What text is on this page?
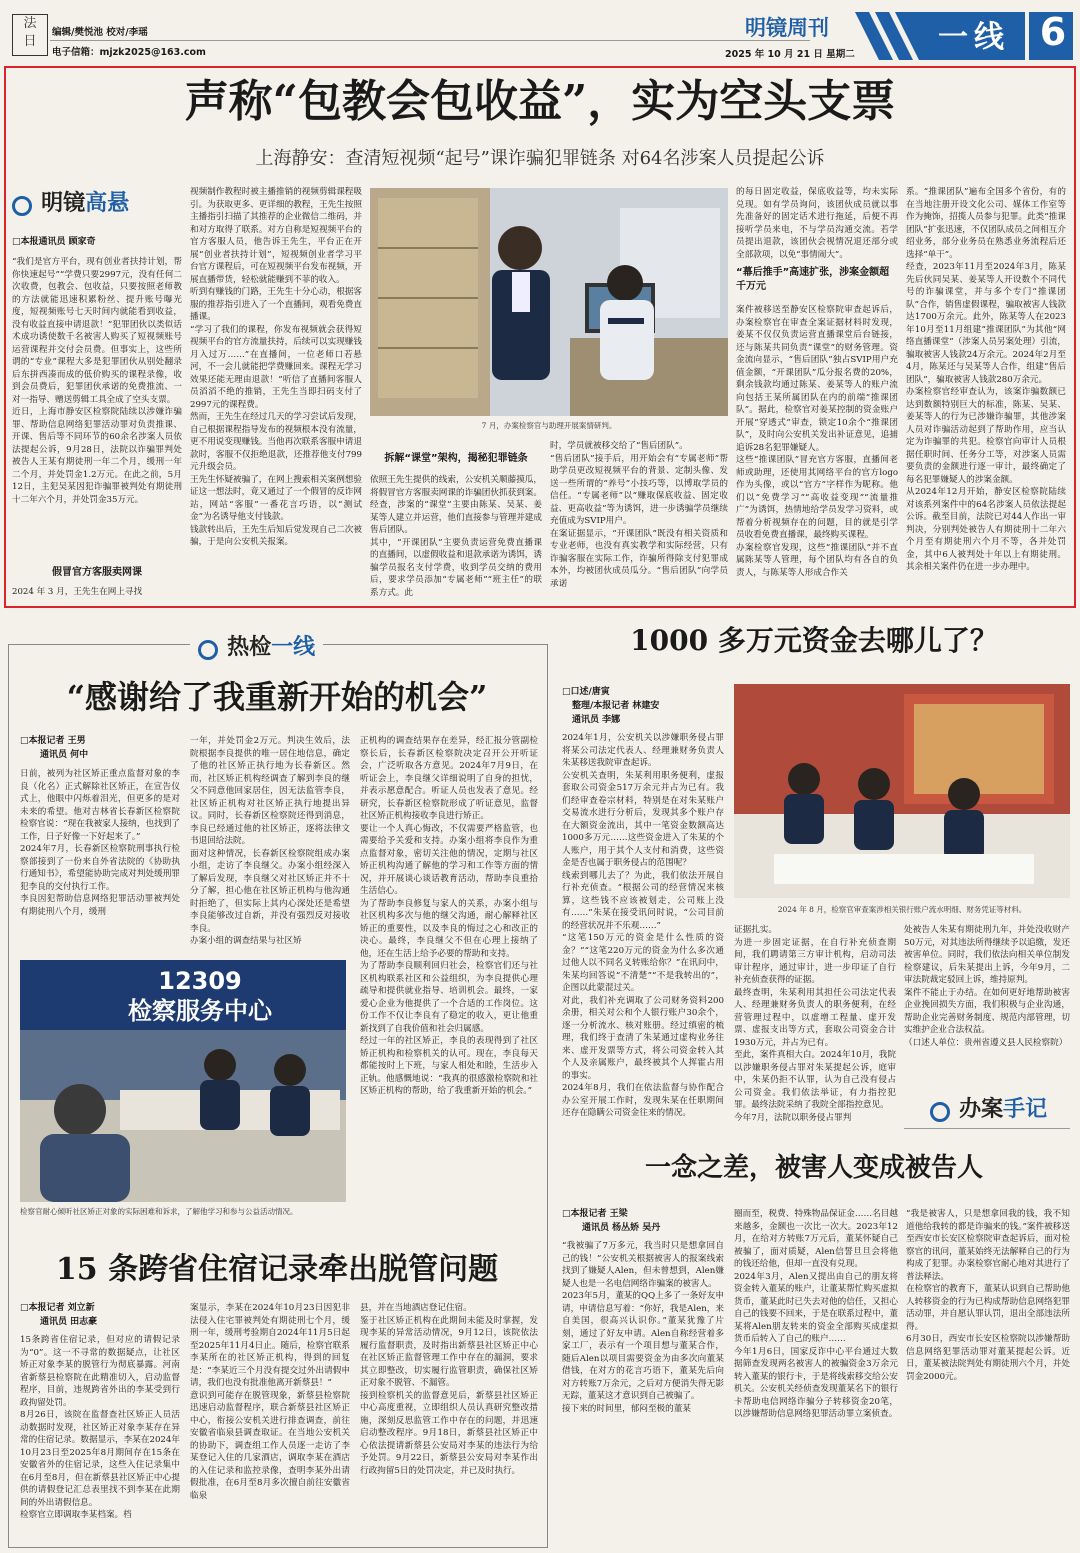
法
日
编辑/樊悦池 校对/李瑶
电子信箱：mjzk2025@163.com
明镜周刊
2025 年 10 月 21 日 星期二	一线 6
声称“包教会包收益”，实为空头支票
上海静安：查清短视频“起号”课诈骗犯罪链条 对64名涉案人员提起公诉
明镜高悬
□本报通讯员 顾家奇
“我们是官方平台，现有创业者扶持计划，帮你快速起号”“学费只要2997元，没有任何二次收费，包教会、包收益，只要按照老师教的方法就能迅速积累粉丝、提升账号曝光度，短视频账号七天时间内就能看到收益，没有收益直接申请退款！”犯罪团伙以类似话术成功诱使数千名被害人购买了短视频账号运营课程并交付会员费。但事实上，这些所谓的“专业”课程大多是犯罪团伙从别处翻录后东拼西凑而成的低价购买的课程录像，收到会员费后，犯罪团伙承诺的免费推流、一对一指导、赠送剪辑工具全成了空头支票。
近日，上海市静安区检察院陆续以涉嫌诈骗罪、帮助信息网络犯罪活动罪对负责推课、开课、售后等不同环节的60余名涉案人员依法提起公诉，9月28日，法院以诈骗罪判处被告人王某有期徒刑一年二个月，缓刑一年二个月，并处罚金1.2万元。在此之前，5月12日，主犯吴某因犯诈骗罪被判处有期徒刑十二年六个月，并处罚金35万元。
假冒官方客服卖网课
2024 年 3 月，王先生在网上寻找
视频制作教程时被主播推销的视频剪辑课程吸引。为获取更多、更详细的教程，王先生按照主播指引扫描了其推荐的企业微信二维码，并和对方取得了联系。对方自称是短视频平台的官方客服人员，他告诉王先生，平台正在开展“创业者扶持计划”，短视频创业者学习平台官方课程后，可在短视频平台发布视频，开展直播带货，轻松就能赚到不菲的收入。
听到有赚钱的门路，王先生十分心动，根据客服的推荐指引进入了一个直播间，观看免费直播课。
“学习了我们的课程，你发布视频就会获得短视频平台的官方流量扶持，后续可以实现赚钱月入过万……”在直播间，一位老师口若悬河，不一会儿就能把学费赚回来。课程无学习效果还能无理由退款！”听信了直播间客服人员滔滔不绝的推销，王先生当即扫码支付了2997元的课程费。
然而，王先生在经过几天的学习尝试后发现，自己根据课程指导发布的视频根本没有流量，更不用说变现赚钱。当他再次联系客服申请退款时，客服不仅拒绝退款，还推荐他支付799元升级会员。
王先生怀疑被骗了，在网上搜索相关案例想验证这一想法时，竟又通过了一个假冒的反诈网站，网站“客服”一番花言巧语，以“测试金”为名诱导他支付钱款。
钱款转出后，王先生后知后觉发现自己二次被骗，于是向公安机关报案。
7 月，办案检察官与助理开展案情研判。
拆解“课堂”架构，揭秘犯罪链条
依照王先生提供的线索，公安机关顺藤摸瓜，将假冒官方客服卖网课的诈骗团伙抓获到案。经查，涉案的“课堂”主要由陈某、吴某、姜某等人建立并运营，他们直接参与管理并建成售后团队。
其中，“开课团队”主要负责运营免费直播课的直播间，以虚假收益和退款承诺为诱饵，诱骗学员报名支付学费，收到学员交纳的费用后，要求学员添加“专属老师”“班主任”的联系方式。此
时，学员就被移交给了“售后团队”。
“售后团队”接手后，用开始会有“专属老师”帮助学员更改短视频平台的背景、定制头像、发送一些所谓的“养号”小技巧等，以博取学员的信任。“专属老师”以“赚取保底收益、固定收益、更高收益”等为诱饵，进一步诱骗学员继续充值成为SVIP用户。
在案证据显示，“开课团队”既没有相关资质和专业老师，也没有真实教学和实际经营，只有诈骗客服在实际工作，诈骗所得除支付犯罪成本外，均被团伙成员瓜分。“售后团队”向学员承诺
的每日固定收益，保底收益等，均未实际兑现。如有学员询问，该团伙成员就以事先准备好的固定话术进行拖延，后便不再接听学员来电，不与学员沟通交流。若学员提出退款，该团伙会视情况退还部分或全部款项，以免“事情闹大”。
“幕后推手”高速扩张，涉案金额超千万元
案件被移送至静安区检察院审查起诉后，办案检察官在审查全案证据材料时发现，姜某不仅仅负责运营直播课堂后台链接，还与陈某共同负责“课堂”的财务管理。资金流向显示，“售后团队”独占SVIP用户充值金额，“开课团队”瓜分报名费的20%，剩余钱款均通过陈某、姜某等人的账户流向包括王某所属团队在内的前端“推课团队”。据此，检察官对姜某控制的资金账户开展“穿透式”审查，锁定10余个“推课团队”，及时向公安机关发出补证意见，追捕追诉28名犯罪嫌疑人。
这些“推课团队”冒充官方客服，直播间老师或助理，还使用其网络平台的官方logo作为头像，或以“官方”字样作为昵称。他们以“免费学习”“高收益变现”“流量推广”为诱饵，热情地给学员发学习资料，或帮着分析视频存在的问题，目的就是引学员收看免费直播课，最终购买课程。
办案检察官发现，这些“推课团队”并不直属陈某等人管理，每个团队均有各自的负责人，与陈某等人形成合作关
系。“推课团队”遍布全国多个省份，有的在当地注册开设文化公司、媒体工作室等作为掩饰，招揽人员参与犯罪。此类“推课团队”扩张迅速，不仅团队成员之间相互介绍业务，部分业务员在熟悉业务流程后还选择“单干”。
经查，2023年11月至2024年3月，陈某先后伙同吴某、姜某等人开设数个不同代号的诈骗课堂，并与多个专门“推课团队”合作，销售虚假课程，骗取被害人钱款达1700万余元。此外，陈某等人在2023年10月至11月组建“推课团队”为其他“网络直播课堂”（涉案人员另案处理）引流，骗取被害人钱款24万余元。2024年2月至4月，陈某还与吴某等人合作，组建“售后团队”，骗取被害人钱款280万余元。
办案检察官经审查认为，该案诈骗数额已达到数额特别巨大的标准，陈某、吴某、姜某等人的行为已涉嫌诈骗罪，其他涉案人员对诈骗活动起到了帮助作用，应当认定为诈骗罪的共犯。检察官向审计人员根据任职时间、任务分工等，对涉案人员需要负责的金额进行逐一审计，最终确定了每名犯罪嫌疑人的涉案金额。
从2024年12月开始，静安区检察院陆续对该系列案件中的64名涉案人员依法提起公诉。截至目前，法院已对44人作出一审判决，分别判处被告人有期徒刑十二年六个月至有期徒刑六个月不等，各并处罚金，其中6人被判处十年以上有期徒刑。其余相关案件仍在进一步办理中。
热检一线
“感谢给了我重新开始的机会”
□本报记者 王男
通讯员 何中
日前，被列为社区矫正重点监督对象的李良（化名）正式解除社区矫正，在宣告仪式上，他眼中闪烁着泪光，但更多的是对未来的希望。他对吉林省长春新区检察院检察官说：“现在我被家人接纳，也找到了工作，日子好像一下好起来了。”
2024年7月，长春新区检察院刑事执行检察部接到了一份来自外省法院的《协助执行通知书》，希望能协助完成对判处缓刑罪犯李良的交付执行工作。
李良因犯帮助信息网络犯罪活动罪被判处有期徒刑八个月，缓刑
一年，并处罚金2万元。判决生效后，法院根据李良提供的唯一居住地信息，确定了他的社区矫正执行地为长春新区。然而，社区矫正机构经调查了解到李良的继父不同意他回家居住，因无法监管李良，社区矫正机构对社区矫正执行地提出异议。同时，长春新区检察院还得到消息，李良已经通过他的社区矫正，逐将法律文书退回给法院。
面对这种情况，长春新区检察院组成办案小组，走访了李良继父。办案小组经深入了解后发现，李良继父对社区矫正并不十分了解，担心他在社区矫正机构与他沟通时拒绝了，但实际上其内心深处还是希望李良能够改过自新，并没有强烈反对接收李良。
办案小组的调查结果与社区矫
正机构的调查结果存在差异，经汇报分管副检察长后，长春新区检察院决定召开公开听证会，广泛听取各方意见。2024年7月9日，在听证会上，李良继父详细说明了自身的担忧，并表示愿意配合。听证人员也发表了意见。经研究，长春新区检察院形成了听证意见，监督社区矫正机构接收李良进行矫正。
要让一个人真心悔改，不仅需要严格监管，也需要给予关爱和支持。办案小组将李良作为重点监督对象，密切关注他的情况，定期与社区矫正机构沟通了解他的学习和工作等方面的情况，并开展谈心谈话教育活动，帮助李良重拾生活信心。
为了帮助李良修复与家人的关系，办案小组与社区机构多次与他的继父沟通，耐心解释社区矫正的重要性，以及李良的悔过之心和改正的决心。最终，李良继父不但在心理上接纳了他，还在生活上给予必要的帮助和支持。
为了帮助李良顺利回归社会，检察官们还与社区机构联系社区和公益组织，为李良提供心理疏导和提供就业指导、培训机会。最终，一家爱心企业为他提供了一个合适的工作岗位。这份工作不仅让李良有了稳定的收入，更让他重新找到了自我价值和社会归属感。
经过一年的社区矫正，李良的表现得到了社区矫正机构和检察机关的认可。现在，李良每天都能按时上下班，与家人相处和睦，生活步入正轨。他感慨地说：“我真的很感激检察院和社区矫正机构的帮助，给了我重新开始的机会。”
12309
检察服务中心
检察官耐心倾听社区矫正对象的实际困难和诉求，了解他学习和参与公益活动情况。
15 条跨省住宿记录牵出脱管问题
□本报记者 刘立新
通讯员 田志豪
15条跨省住宿记录，但对应的请假记录为“0”。这一不寻常的数据疑点，让社区矫正对象李某的脱管行为彻底暴露。河南省新蔡县检察院在此精准切入，启动监督程序，目前，违规跨省外出的李某受到行政拘留处罚。
8月26日，该院在监督查社区矫正人员活动数据时发现，社区矫正对象李某存在异常的住宿记录。数据显示，李某在2024年10月23日至2025年8月期间存在15条在安徽省外的住宿记录，这些入住记录集中在6月至8月，但在新蔡县社区矫正中心提供的请假登记汇总表里找不到李某在此期间的外出请假信息。
检察官立即调取李某档案。档
案显示，李某在2024年10月23日因犯非法侵入住宅罪被判处有期徒刑七个月，缓刑一年，缓刑考验期自2024年11月5日起至2025年11月4日止。随后，检察官联系李某所在的社区矫正机构，得到的回复是：“李某近三个月没有提交过外出请假申请，我们也没有批准他离开新蔡县！”
意识到可能存在脱管现象，新蔡县检察院迅速启动监督程序，联合新蔡县社区矫正中心，衔接公安机关进行排查调查，前往安徽省临泉县调查取证。在当地公安机关的协助下，调查组工作人员逐一走访了李某登记入住的几家酒店，调取李某在酒店的入住记录和监控录像，查明李某外出请假批准，在6月至8月多次擅自前往安徽省临泉
县，并在当地酒店登记住宿。
鉴于社区矫正机构在此期间未能及时掌握，发现李某的异常活动情况，9月12日，该院依法履行监督职责，及时指出新蔡县社区矫正中心在社区矫正监督管理工作中存在的漏洞，要求其立即整改，切实履行监管职责，确保社区矫正对象不脱管、不漏管。
接到检察机关的监督意见后，新蔡县社区矫正中心高度重视，立即组织人员认真研究整改措施，深刻反思监管工作中存在的问题，并迅速启动整改程序。9月18日，新蔡县社区矫正中心依法提请新蔡县公安局对李某的违法行为给予处罚。9月22日，新蔡县公安局对李某作出行政拘留5日的处罚决定，并已及时执行。
1000 多万元资金去哪儿了？
□口述/唐寅
整理/本报记者 林建安
通讯员 李娜
2024年1月，公安机关以涉嫌职务侵占罪将某公司法定代表人、经理兼财务负责人朱某移送我院审查起诉。
公安机关查明，朱某利用职务便利，虚报套取公司资金517万余元并占为已有。我们经审查卷宗材料，特别是在对朱某账户交易流水进行分析后，发现其多个账户存在大额资金流出，其中一笔资金数额高达1000多万元……这些资金进入了朱某的个人账户，用于其个人支付和消费，这些资金是否也属于职务侵占的范围呢？
线索到哪儿去了？为此，我们依法开展自行补充侦查。“根据公司的经营情况来核算，这些钱不应该被划走，公司账上没有……”朱某在接受讯问时说，“公司目前的经营状况并不乐观……”
“这笔150万元的资金是什么性质的资金？”“这笔220万元的资金为什么多次通过他人以不同名义转账给你？”在讯问中，朱某均回答说“不清楚”“不是我转出的”，企图以此蒙混过关。
对此，我们补充调取了公司财务资料200余册，相关对公和个人银行账户30余个，逐一分析流水、核对账册。经过缜密的梳理，我们终于查清了朱某通过虚构业务往来、虚开发票等方式，将公司资金转入其个人及亲属账户，最终被其个人挥霍占用的事实。
2024年8月，我们在依法监督与协作配合办公室开展工作时，发现朱某在任职期间还存在隐瞒公司资金往来的情况。
2024 年 8 月，检察官审查案涉相关银行账户流水明细、财务凭证等材料。
证据扎实。
为进一步固定证据，在自行补充侦查期间，我们聘请第三方审计机构，启动司法审计程序，通过审计，进一步印证了自行补充侦查获得的证据。
最终查明，朱某利用其担任公司法定代表人、经理兼财务负责人的职务便利，在经营管理过程中，以虚增工程量、虚开发票、虚报支出等方式，套取公司资金合计1930万元，并占为已有。
至此，案件真相大白。2024年10月，我院以涉嫌职务侵占罪对朱某提起公诉，庭审中，朱某仍拒不认罪，认为自己没有侵占公司资金。我们依法举证，有力指控犯罪。最终法院采纳了我院全部指控意见。
今年7月，法院以职务侵占罪判
处被告人朱某有期徒刑九年，并处没收财产50万元，对其违法所得继续予以追缴，发还被害单位。同时，我们依法向相关单位制发检察建议，后朱某提出上诉，今年9月，二审法院裁定驳回上诉，维持原判。
案件不能止于办结。在如何更好地帮助被害企业挽回损失方面，我们积极与企业沟通，帮助企业完善财务制度、规范内部管理，切实维护企业合法权益。
（口述人单位：贵州省遵义县人民检察院）
办案手记
一念之差，被害人变成被告人
□本报记者 王梁
通讯员 杨丛娇 吴丹
“我被骗了7万多元，我当时只是想拿回自己的钱！”公安机关根据被害人的报案线索找到了嫌疑人Alen，但未曾想到，Alen嫌疑人也是一名电信网络诈骗案的被害人。
2023年5月，董某的QQ上多了一条好友申请，申请信息写着：“你好，我是Alen，来自美国，很高兴认识你。”董某犹豫了片刻，通过了好友申请。Alen自称经营着多家工厂，表示有一个项目想与董某合作，随后Alen以项目需要资金为由多次向董某借钱，在对方的花言巧语下，董某先后向对方转账7万余元，之后对方便消失得无影无踪，董某这才意识到自己被骗了。
接下来的时间里，郁闷至极的董某
圈而至，税费、特殊物品保证金……名目越来越多，金额也一次比一次大。2023年12月，在给对方转账7万元后，董某怀疑自己被骗了，面对质疑，Alen信誓旦旦会将他的钱还给他，但却一直没有兑现。
2024年3月，Alen又提出由自己的朋友将资金转入董某的账户，让董某帮忙购买虚拟货币，董某此时已失去对他的信任，又担心自己的钱要不回来，于是在联系过程中，董某将Alen朋友转来的资金全部购买成虚拟货币后转入了自己的账户……
今年1月6日，国家反诈中心平台通过大数据筛查发现两名被害人的被骗资金3万余元转入董某的银行卡，于是将线索移交给公安机关。公安机关经侦查发现董某名下的银行卡帮助电信网络诈骗分子转移资金20笔，以涉嫌帮助信息网络犯罪活动罪立案侦查。
“我是被害人，只是想拿回我的钱，我不知道他给我转的都是诈骗来的钱。”案件被移送至西安市长安区检察院审查起诉后，面对检察官的讯问，董某始终无法解释自己的行为构成了犯罪。办案检察官耐心地对其进行了普法释法。
在检察官的教育下，董某认识到自己帮助他人转移资金的行为已构成帮助信息网络犯罪活动罪，并自愿认罪认罚，退出全部违法所得。
6月30日，西安市长安区检察院以涉嫌帮助信息网络犯罪活动罪对董某提起公诉。近日，董某被法院判处有期徒刑六个月，并处罚金2000元。
